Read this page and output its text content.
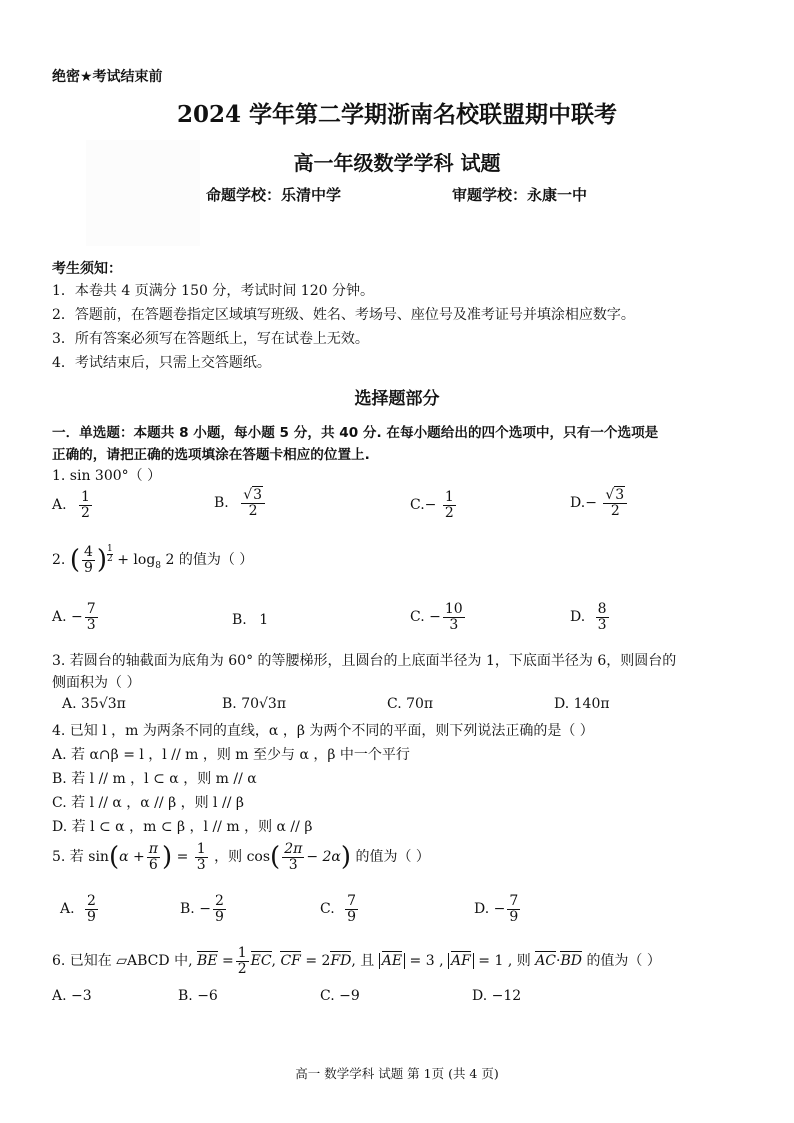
绝密★考试结束前
2024 学年第二学期浙南名校联盟期中联考
高一年级数学学科 试题
命题学校：乐清中学	审题学校：永康一中
考生须知：
1．本卷共 4 页满分 150 分，考试时间 120 分钟。
2．答题前，在答题卷指定区域填写班级、姓名、考场号、座位号及准考证号并填涂相应数字。
3．所有答案必须写在答题纸上，写在试卷上无效。
4．考试结束后，只需上交答题纸。
选择题部分
一．单选题：本题共 8 小题，每小题 5 分，共 40 分. 在每小题给出的四个选项中，只有一个选项是
正确的，请把正确的选项填涂在答题卡相应的位置上.
1. sin 300°（ ）
A. $\frac{1}{2}$	B. $\frac{√3}{2}$	$C.- \frac{1}{2}$	$D.- \frac{√3}{2}$
2. ( $\frac{4}{9}$ ) $^{\frac{1}{2}} + \log_8 2$ 的值为（ ）
A. − $\frac{7}{3}$	B. 1	C. − $\frac{10}{3}$	D. $\frac{8}{3}$
3. 若圆台的轴截面为底角为 60° 的等腰梯形，且圆台的上底面半径为 1，下底面半径为 6，则圆台的
侧面积为（ ）
A. 35√3π	B. 70√3π	C. 70π	D. 140π
4. 已知 l ，m 为两条不同的直线，α ，β 为两个不同的平面，则下列说法正确的是（ ）
A. 若 α∩β = l ，l // m ，则 m 至少与 α ，β 中一个平行
B. 若 l // m ，l ⊂ α ，则 m // α
C. 若 l // α ，α // β ，则 l // β
D. 若 l ⊂ α ，m ⊂ β ，l // m ，则 α // β
5. 若 $\sin(\alpha + \frac{\pi}{6}$ ) = $\frac{1}{3}$ ，则 $\cos( \frac{2\pi}{3} - 2\alpha)$ 的值为（ ）
A. $\frac{2}{9}$	B. − $\frac{2}{9}$	C. $\frac{7}{9}$	D. − $\frac{7}{9}$
6. 已知在 ▱ABCD 中, BE = $\frac{1}{2}$ EC, CF = 2FD, 且 AE = 3 , AF = 1 , 则 AC·BD 的值为（ ）
A. −3	B. −6	C. −9	D. −12
高一 数学学科 试题 第 1页 (共 4 页)
